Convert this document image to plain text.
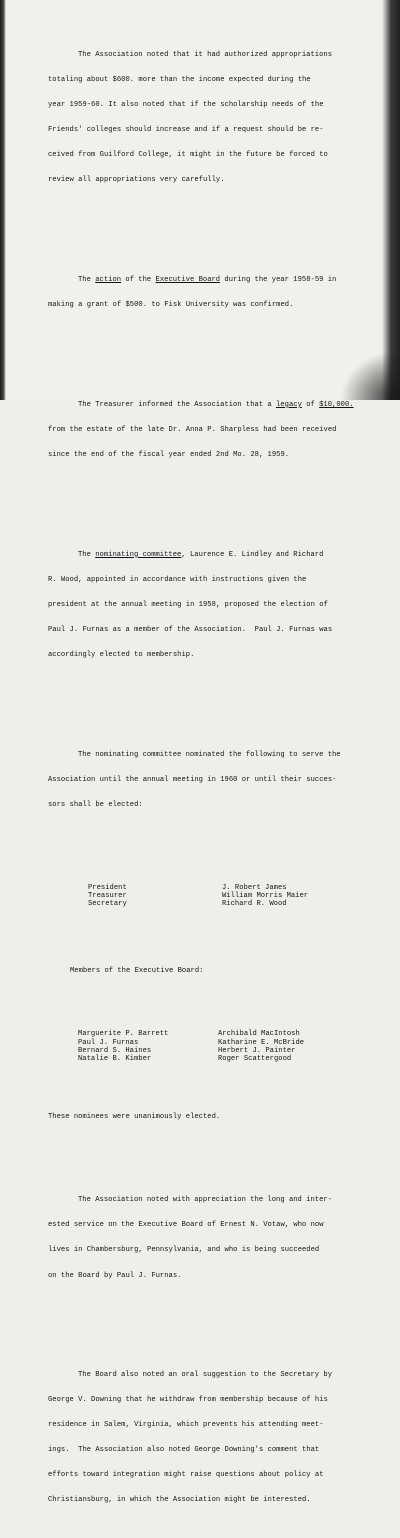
The Association noted that it had authorized appropriations

totaling about $600. more than the income expected during the

year 1959-60. It also noted that if the scholarship needs of the

Friends' colleges should increase and if a request should be re-

ceived from Guilford College, it might in the future be forced to

review all appropriations very carefully.

The action of the Executive Board during the year 1958-59 in

making a grant of $500. to Fisk University was confirmed.

The Treasurer informed the Association that a legacy of $10,000.

from the estate of the late Dr. Anna P. Sharpless had been received

since the end of the fiscal year ended 2nd Mo. 28, 1959.

The nominating committee, Laurence E. Lindley and Richard

R. Wood, appointed in accordance with instructions given the

president at the annual meeting in 1958, proposed the election of

Paul J. Furnas as a member of the Association.  Paul J. Furnas was

accordingly elected to membership.

The nominating committee nominated the following to serve the

Association until the annual meeting in 1960 or until their succes-

sors shall be elected:

President	J. Robert James
Treasurer	William Morris Maier
Secretary	Richard R. Wood

Members of the Executive Board:

Marguerite P. Barrett	Archibald MacIntosh
Paul J. Furnas	Katharine E. McBride
Bernard S. Haines	Herbert J. Painter
Natalie B. Kimber	Roger Scattergood

These nominees were unanimously elected.

The Association noted with appreciation the long and inter-

ested service on the Executive Board of Ernest N. Votaw, who now

lives in Chambersburg, Pennsylvania, and who is being succeeded

on the Board by Paul J. Furnas.

The Board also noted an oral suggestion to the Secretary by

George V. Downing that he withdraw from membership because of his

residence in Salem, Virginia, which prevents his attending meet-

ings.  The Association also noted George Downing's comment that

efforts toward integration might raise questions about policy at

Christiansburg, in which the Association might be interested.
